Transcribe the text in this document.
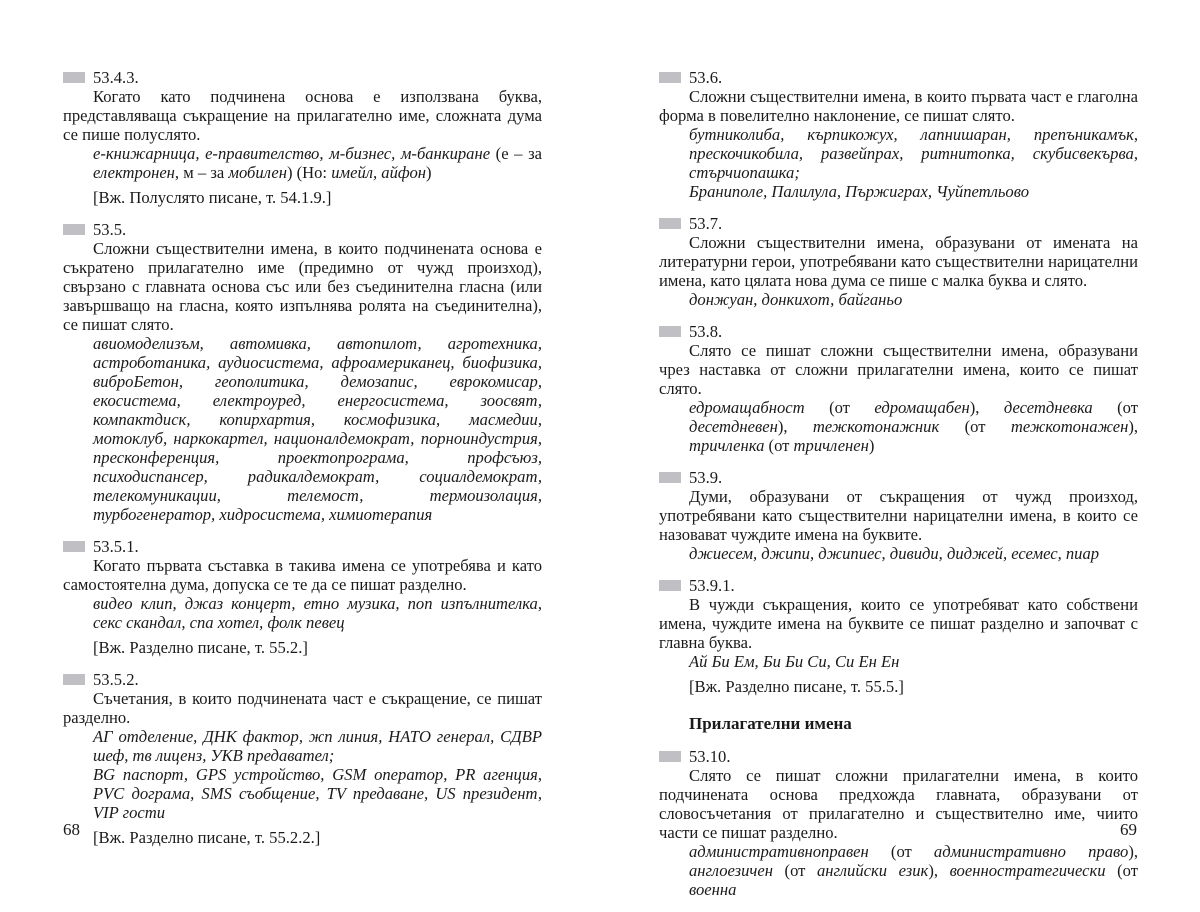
53.4.3.
Когато като подчинена основа е използвана буква, представляваща съкращение на прилагателно име, сложната дума се пише полуслято.
е-книжарница, е-правителство, м-бизнес, м-банкиране (е – за електронен, м – за мобилен) (Но: имейл, айфон)
[Вж. Полуслято писане, т. 54.1.9.]
53.5.
Сложни съществителни имена, в които подчинената основа е съкратено прилагателно име (предимно от чужд произход), свързано с главната основа със или без съединителна гласна (или завършващо на гласна, която изпълнява ролята на съединителна), се пишат слято.
авиомоделизъм, автомивка, автопилот, агротехника, астроботаника, аудиосистема, афроамериканец, биофизика, виброБетон, геополитика, демозапис, еврокомисар, екосистема, електроуред, енергосистема, зоосвят, компактдиск, копирхартия, космофизика, масмедии, мотоклуб, наркокартел, националдемократ, порноиндустрия, пресконференция, проектопрограма, профсъюз, психодиспансер, радикалдемократ, социалдемократ, телекомуникации, телемост, термоизолация, турбогенератор, хидросистема, химиотерапия
53.5.1.
Когато първата съставка в такива имена се употребява и като самостоятелна дума, допуска се те да се пишат разделно.
видео клип, джаз концерт, етно музика, поп изпълнителка, секс скандал, спа хотел, фолк певец
[Вж. Разделно писане, т. 55.2.]
53.5.2.
Съчетания, в които подчинената част е съкращение, се пишат разделно.
АГ отделение, ДНК фактор, жп линия, НАТО генерал, СДВР шеф, тв лиценз, УКВ предавател;
BG паспорт, GPS устройство, GSM оператор, PR агенция, PVC дограма, SMS съобщение, TV предаване, US президент, VIP гости
[Вж. Разделно писане, т. 55.2.2.]
53.6.
Сложни съществителни имена, в които първата част е глаголна форма в повелително наклонение, се пишат слято.
бутниколиба, кърпикожух, лапнишаран, препъникамък, прескочикобила, развейпрах, ритнитопка, скубисвекърва, стърчиопашка;
Браниполе, Палилула, Пържиграх, Чуйпетльово
53.7.
Сложни съществителни имена, образувани от имената на литературни герои, употребявани като съществителни нарицателни имена, като цялата нова дума се пише с малка буква и слято.
донжуан, донкихот, байганьо
53.8.
Слято се пишат сложни съществителни имена, образувани чрез наставка от сложни прилагателни имена, които се пишат слято.
едромащабност (от едромащабен), десетдневка (от десетдневен), тежкотонажник (от тежкотонажен), тричленка (от тричленен)
53.9.
Думи, образувани от съкращения от чужд произход, употребявани като съществителни нарицателни имена, в които се назовават чуждите имена на буквите.
джиесем, джипи, джипиес, дивиди, диджей, есемес, пиар
53.9.1.
В чужди съкращения, които се употребяват като собствени имена, чуждите имена на буквите се пишат разделно и започват с главна буква.
Ай Би Ем, Би Би Си, Си Ен Ен
[Вж. Разделно писане, т. 55.5.]
Прилагателни имена
53.10.
Слято се пишат сложни прилагателни имена, в които подчинената основа предхожда главната, образувани от словосъчетания от прилагателно и съществително име, чиито части се пишат разделно.
административноправен (от административно право), англоезичен (от английски език), военностратегически (от военна
68	69
